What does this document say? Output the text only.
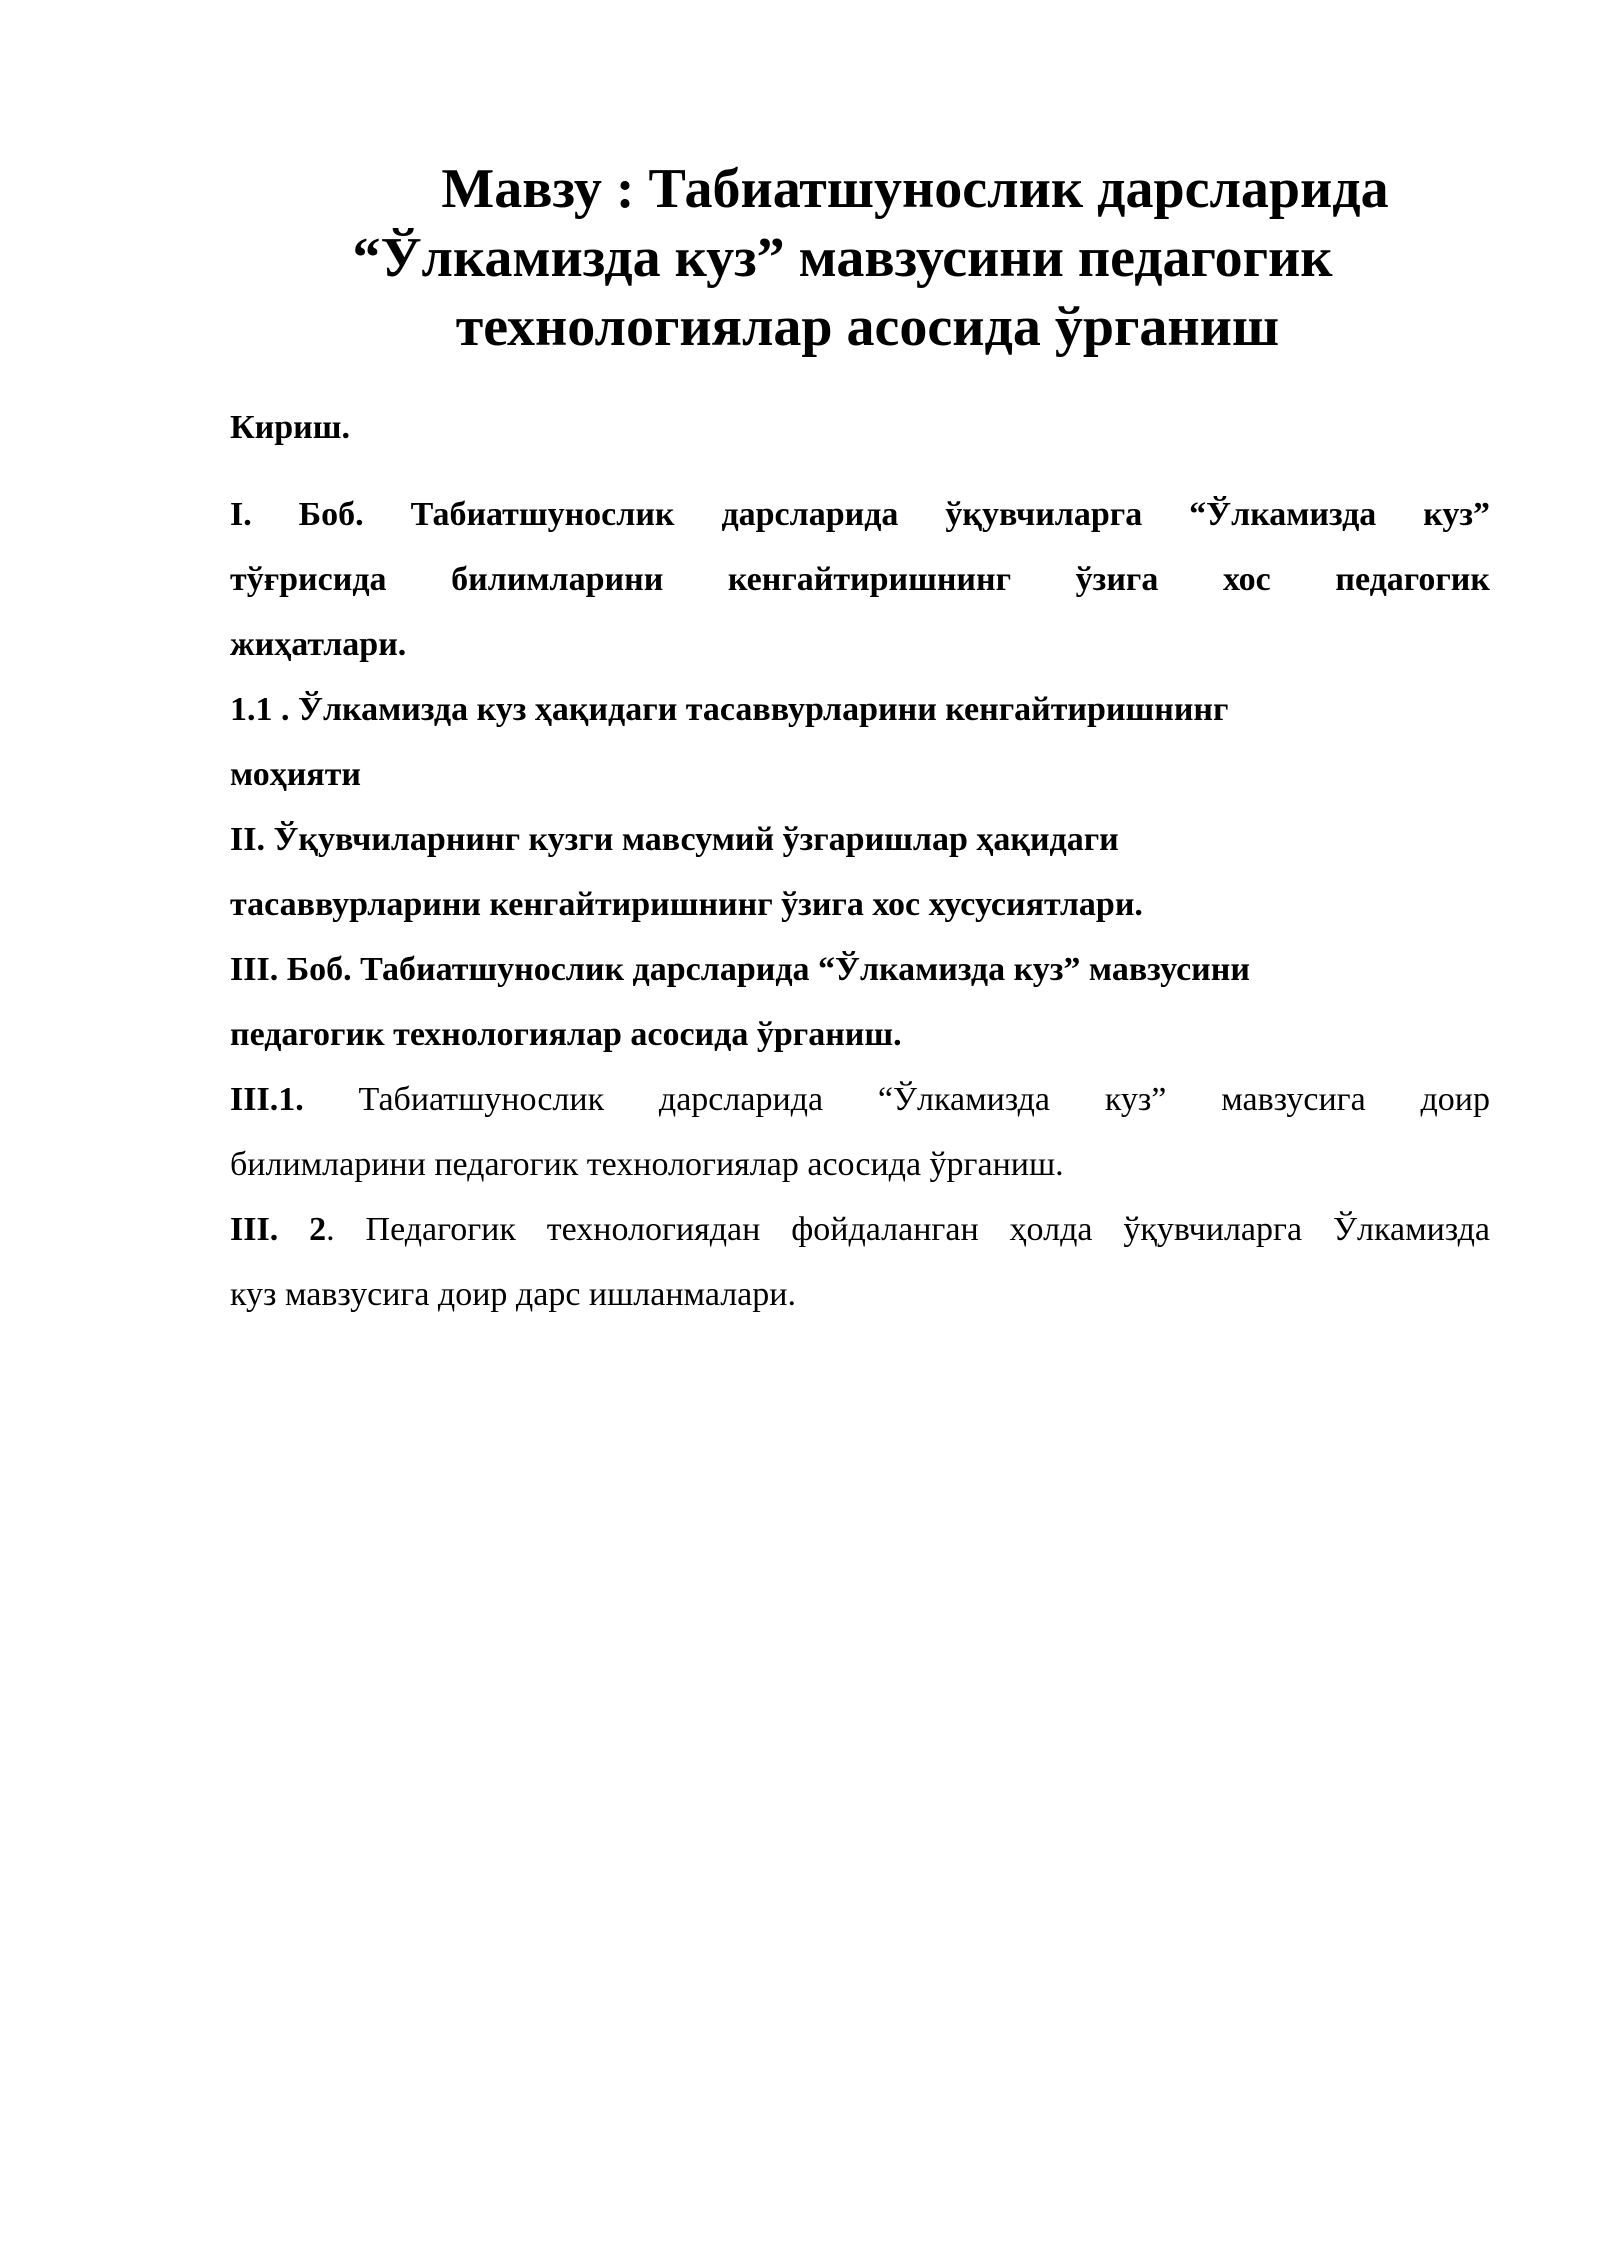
Мавзу : Табиатшунослик дарсларида
“Ўлкамизда куз” мавзусини педагогик
технологиялар асосида ўрганиш

Кириш.

I. Боб. Табиатшунослик дарсларида ўқувчиларга “Ўлкамизда куз”
тўғрисида билимларини кенгайтиришнинг ўзига хос педагогик
жиҳатлари.
1.1 . Ўлкамизда куз ҳақидаги тасаввурларини кенгайтиришнинг
моҳияти
II. Ўқувчиларнинг кузги мавсумий ўзгаришлар ҳақидаги
тасаввурларини кенгайтиришнинг ўзига хос хусусиятлари.
III. Боб. Табиатшунослик дарсларида “Ўлкамизда куз” мавзусини
педагогик технологиялар асосида ўрганиш.
III.1. Табиатшунослик дарсларида “Ўлкамизда куз” мавзусига доир
билимларини педагогик технологиялар асосида ўрганиш.
III. 2. Педагогик технологиядан фойдаланган ҳолда ўқувчиларга Ўлкамизда
куз мавзусига доир дарс ишланмалари.
